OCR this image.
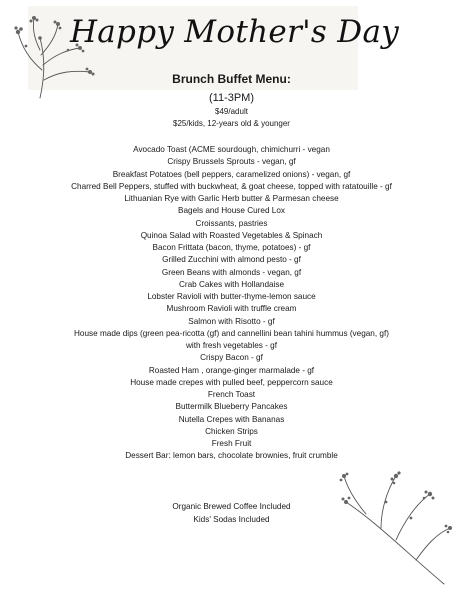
Happy Mother's Day
Brunch Buffet Menu:
(11-3PM)
$49/adult
$25/kids, 12-years old & younger
Avocado Toast (ACME sourdough, chimichurri - vegan
Crispy Brussels Sprouts - vegan, gf
Breakfast Potatoes (bell peppers, caramelized onions) - vegan, gf
Charred Bell Peppers, stuffed with buckwheat, & goat cheese, topped with ratatouille - gf
Lithuanian Rye with Garlic Herb butter & Parmesan cheese
Bagels and House Cured Lox
Croissants, pastries
Quinoa Salad with Roasted Vegetables & Spinach
Bacon Frittata (bacon, thyme, potatoes) - gf
Grilled Zucchini with almond pesto - gf
Green Beans with almonds - vegan, gf
Crab Cakes with Hollandaise
Lobster Ravioli with butter-thyme-lemon sauce
Mushroom Ravioli with truffle cream
Salmon with Risotto - gf
House made dips (green pea-ricotta (gf) and cannellini bean tahini hummus (vegan, gf)
with fresh vegetables - gf
Crispy Bacon - gf
Roasted Ham , orange-ginger marmalade - gf
House made crepes with pulled beef, peppercorn sauce
French Toast
Buttermilk Blueberry Pancakes
Nutella Crepes with Bananas
Chicken Strips
Fresh Fruit
Dessert Bar: lemon bars, chocolate brownies, fruit crumble
Organic Brewed Coffee Included
Kids' Sodas Included
